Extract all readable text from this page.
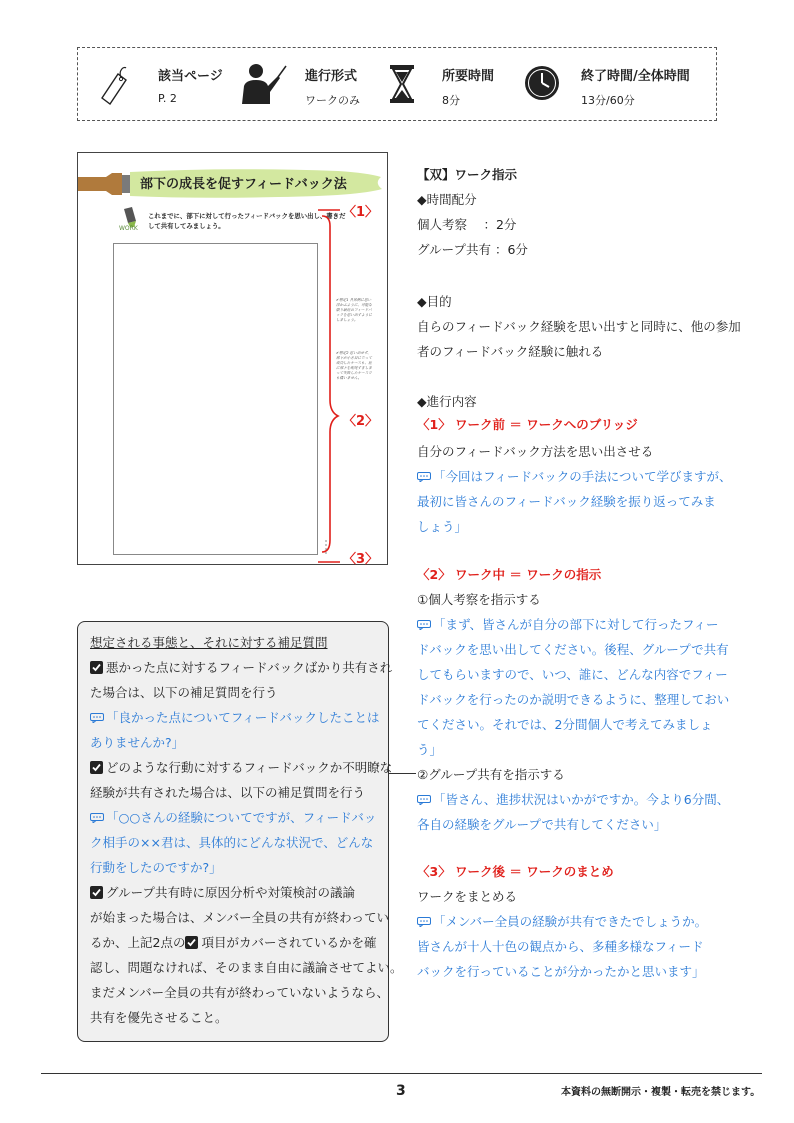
該当ページ
P. 2
進行形式
ワークのみ
所要時間
8分
終了時間/全体時間
13分/60分
部下の成長を促すフィードバック法
WORK
これまでに、部下に対して行ったフィードバックを思い出し、書きだして共有してみましょう。
✔想定1 具体例に思い浮かぶように、可能な限り最近のフィードバックを思い出すようにしましょう。
✔想定2 思い出せず、部下が小さ目に立って成功したケースも、逆に部下を叱咤すぎしまって失敗したケースでも構いません。
〈1〉
〈2〉
〈3〉
【双】ワーク指示
◆時間配分
個人考察　 ：2分
グループ共有 ：6分
◆目的
自らのフィードバック経験を思い出すと同時に、他の参加
者のフィードバック経験に触れる
◆進行内容
〈1〉 ワーク前 ＝ ワークへのブリッジ
自分のフィードバック方法を思い出させる
「今回はフィードバックの手法について学びますが、
最初に皆さんのフィードバック経験を振り返ってみま
しょう」
〈2〉 ワーク中 ＝ ワークの指示
①個人考察を指示する
「まず、皆さんが自分の部下に対して行ったフィー
ドバックを思い出してください。後程、グループで共有
してもらいますので、いつ、誰に、どんな内容でフィー
ドバックを行ったのか説明できるように、整理しておい
てください。それでは、2分間個人で考えてみましょ
う」
②グループ共有を指示する
「皆さん、進捗状況はいかがですか。今より6分間、
各自の経験をグループで共有してください」
〈3〉 ワーク後 ＝ ワークのまとめ
ワークをまとめる
「メンバー全員の経験が共有できたでしょうか。
皆さんが十人十色の観点から、多種多様なフィード
バックを行っていることが分かったかと思います」
想定される事態と、それに対する補足質問
悪かった点に対するフィードバックばかり共有され
た場合は、以下の補足質問を行う
「良かった点についてフィードバックしたことは
ありませんか?」
どのような行動に対するフィードバックか不明瞭な
経験が共有された場合は、以下の補足質問を行う
「○○さんの経験についてですが、フィードバッ
ク相手の××君は、具体的にどんな状況で、どんな
行動をしたのですか?」
グループ共有時に原因分析や対策検討の議論
が始まった場合は、メンバー全員の共有が終わってい
るか、上記2点の 項目がカバーされているかを確
認し、問題なければ、そのまま自由に議論させてよい。
まだメンバー全員の共有が終わっていないようなら、
共有を優先させること。
3	本資料の無断開示・複製・転売を禁じます。
